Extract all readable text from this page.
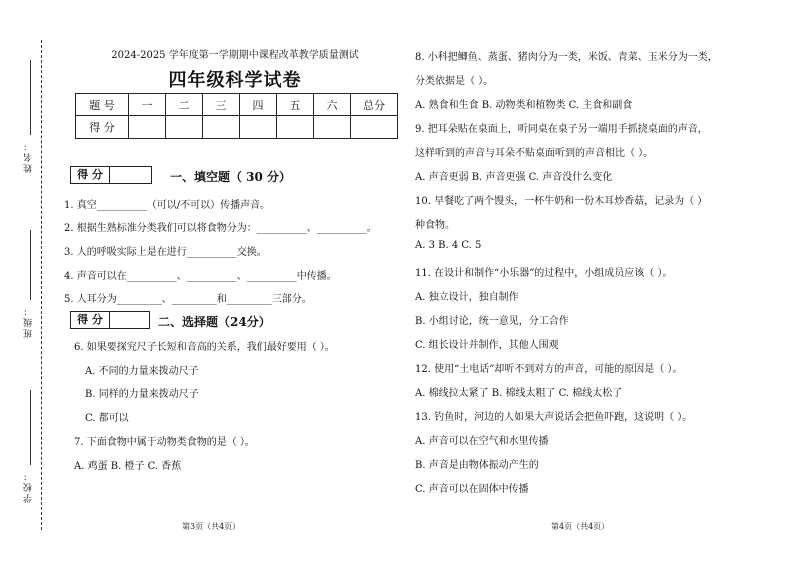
姓名：
班级：
学校：
2024-2025 学年度第一学期期中课程改革教学质量测试
四年级科学试卷
题 号	一	二	三	四	五	六	总分
得 分							
得 分	一、填空题（ 30 分）
1. 真空__________（可以/不可以）传播声音。
2. 根据生熟标准分类我们可以将食物分为：__________、__________。
3. 人的呼吸实际上是在进行__________交换。
4. 声音可以在__________、__________、__________中传播。
5. 人耳分为_________、_________和_________三部分。
得 分	二、选择题（24分）
6. 如果要探究尺子长短和音高的关系，我们最好要用（ ）。
A. 不同的力量来拨动尺子
B. 同样的力量来拨动尺子
C. 都可以
7. 下面食物中属于动物类食物的是（ ）。
A. 鸡蛋 B. 橙子 C. 香蕉
8. 小科把鲫鱼、蒸蛋、猪肉分为一类，米饭、青菜、玉米分为一类，
分类依据是（ ）。
A. 熟食和生食 B. 动物类和植物类 C. 主食和副食
9. 把耳朵贴在桌面上，听同桌在桌子另一端用手抓挠桌面的声音，
这样听到的声音与耳朵不贴桌面听到的声音相比（ ）。
A. 声音更弱 B. 声音更强 C. 声音没什么变化
10. 早餐吃了两个馒头，一杯牛奶和一份木耳炒香菇，记录为（ ）
种食物。
A. 3 B. 4 C. 5
11. 在设计和制作“小乐器”的过程中，小组成员应该（ ）。
A. 独立设计，独自制作
B. 小组讨论，统一意见，分工合作
C. 组长设计并制作，其他人围观
12. 使用“土电话”却听不到对方的声音，可能的原因是（ ）。
A. 棉线拉太紧了 B. 棉线太粗了 C. 棉线太松了
13. 钓鱼时，河边的人如果大声说话会把鱼吓跑，这说明（ ）。
A. 声音可以在空气和水里传播
B. 声音是由物体振动产生的
C. 声音可以在固体中传播
第3页（共4页）	第4页（共4页）
